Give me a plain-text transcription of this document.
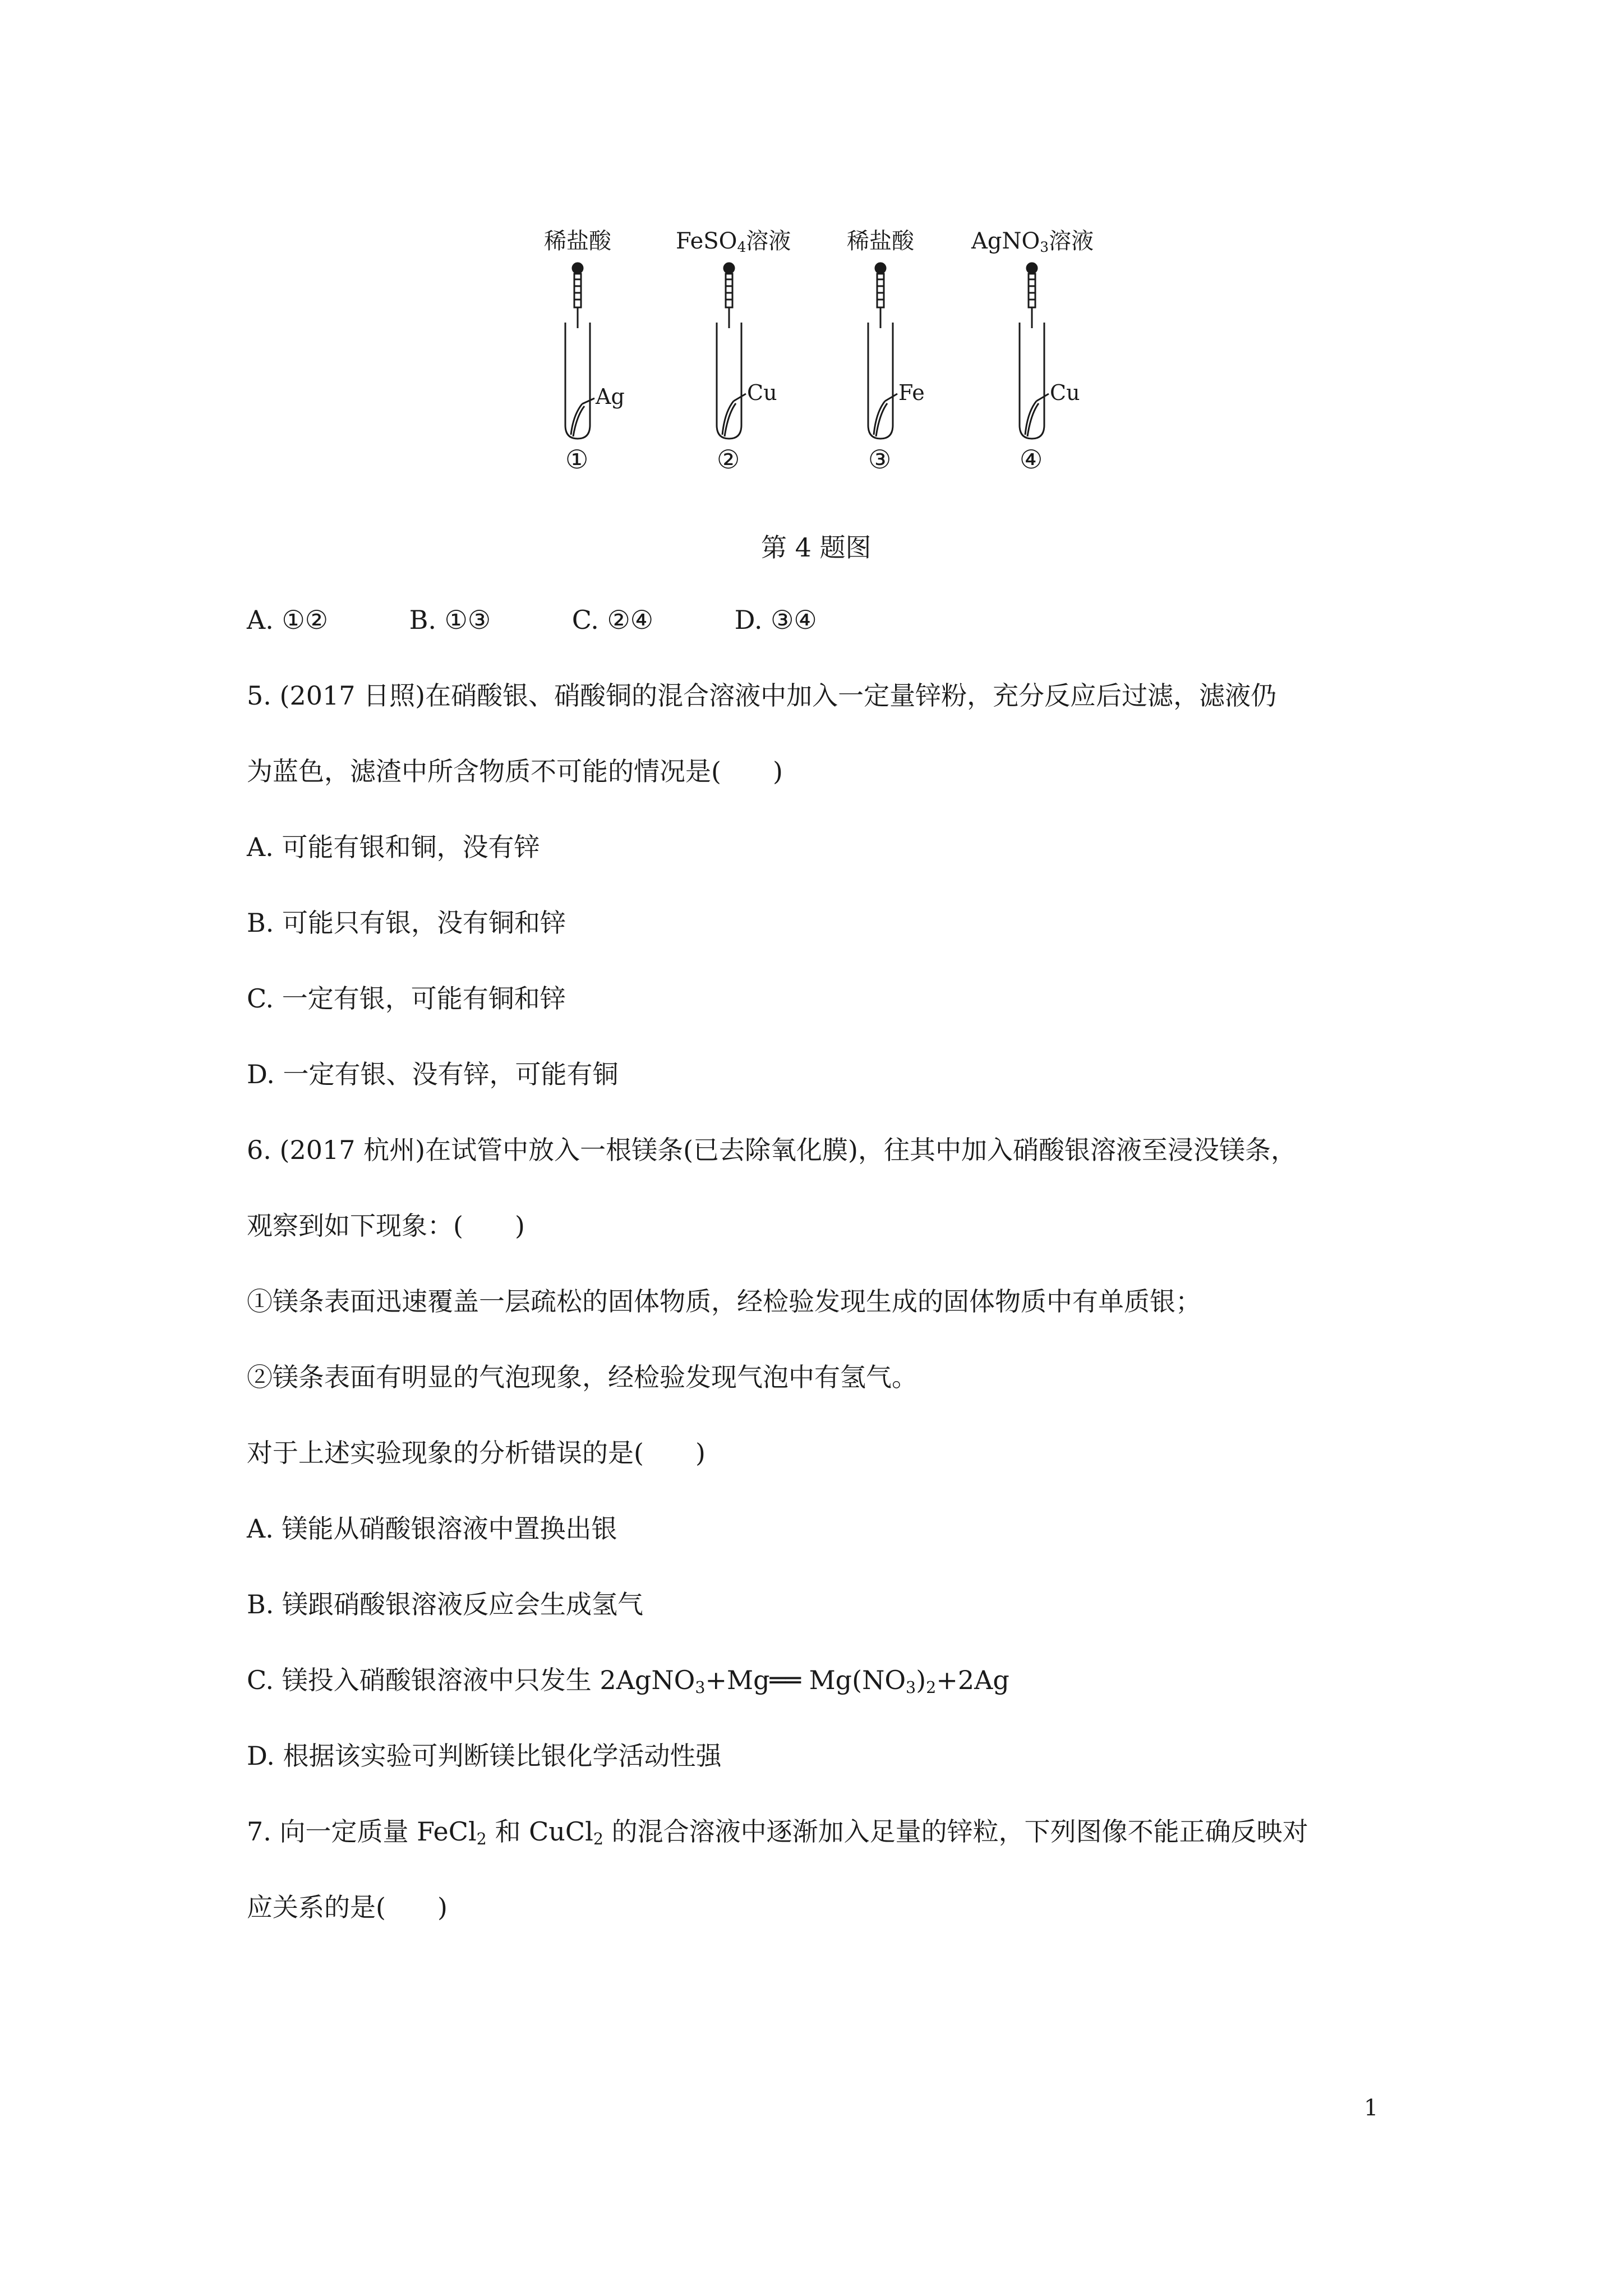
稀盐酸	FeSO$_4$溶液 稀盐酸	AgNO$_3$溶液
Ag	Cu	Fe	Cu
①	②	③	④
第 4 题图
A. ①②	B. ①③	C. ②④	D. ③④
5. (2017 日照)在硝酸银、硝酸铜的混合溶液中加入一定量锌粉，充分反应后过滤，滤液仍
为蓝色，滤渣中所含物质不可能的情况是(　　)
A. 可能有银和铜，没有锌
B. 可能只有银，没有铜和锌
C. 一定有银，可能有铜和锌
D. 一定有银、没有锌，可能有铜
6. (2017 杭州)在试管中放入一根镁条(已去除氧化膜)，往其中加入硝酸银溶液至浸没镁条，
观察到如下现象：(　　)
①镁条表面迅速覆盖一层疏松的固体物质，经检验发现生成的固体物质中有单质银；
②镁条表面有明显的气泡现象，经检验发现气泡中有氢气。
对于上述实验现象的分析错误的是(　　)
A. 镁能从硝酸银溶液中置换出银
B. 镁跟硝酸银溶液反应会生成氢气
C. 镁投入硝酸银溶液中只发生 2AgNO$_3$+Mg══ $Mg(NO_3)_2+2Ag$
D. 根据该实验可判断镁比银化学活动性强
7. 向一定质量 FeCl$_2$ 和 CuCl$_2$ 的混合溶液中逐渐加入足量的锌粒，下列图像不能正确反映对
应关系的是(　　)
1
